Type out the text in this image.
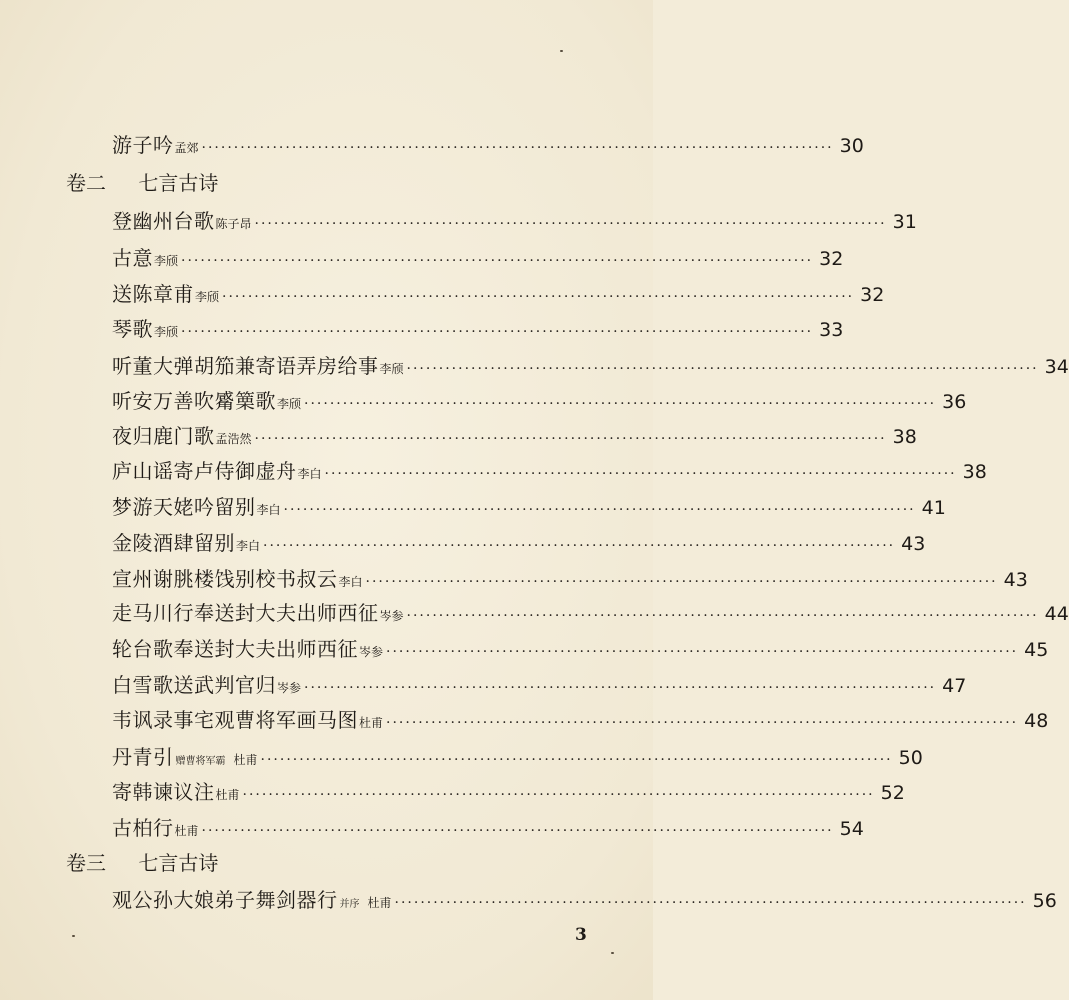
游子吟 孟郊 ·································································································· 30
卷二 七言古诗
登幽州台歌 陈子昂 ·································································································· 31
古意 李颀 ·································································································· 32
送陈章甫 李颀 ·································································································· 32
琴歌 李颀 ·································································································· 33
听董大弹胡笳兼寄语弄房给事 李颀 ·································································································· 34
听安万善吹觱篥歌 李颀 ·································································································· 36
夜归鹿门歌 孟浩然 ·································································································· 38
庐山谣寄卢侍御虚舟 李白 ·································································································· 38
梦游天姥吟留别 李白 ·································································································· 41
金陵酒肆留别 李白 ·································································································· 43
宣州谢朓楼饯别校书叔云 李白 ·································································································· 43
走马川行奉送封大夫出师西征 岑参 ·································································································· 44
轮台歌奉送封大夫出师西征 岑参 ·································································································· 45
白雪歌送武判官归 岑参 ·································································································· 47
韦讽录事宅观曹将军画马图 杜甫 ·································································································· 48
丹青引 赠曹将军霸 杜甫 ·································································································· 50
寄韩谏议注 杜甫 ·································································································· 52
古柏行 杜甫 ·································································································· 54
卷三 七言古诗
观公孙大娘弟子舞剑器行 并序 杜甫 ·································································································· 56
3
